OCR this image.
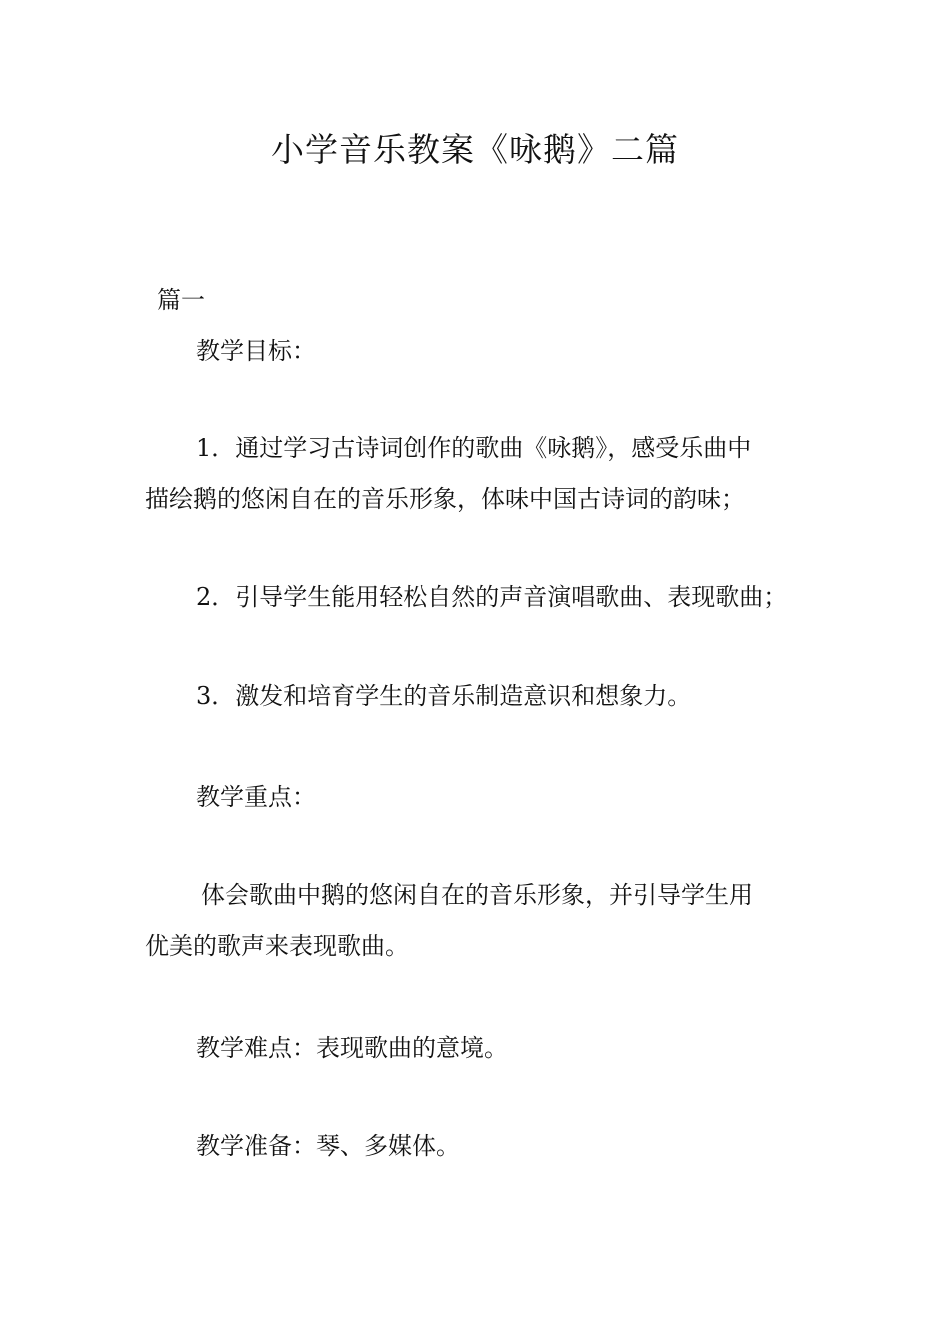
小学音乐教案《咏鹅》二篇
篇一
教学目标：
1．通过学习古诗词创作的歌曲《咏鹅》，感受乐曲中
描绘鹅的悠闲自在的音乐形象，体味中国古诗词的韵味；
2．引导学生能用轻松自然的声音演唱歌曲、表现歌曲；
3．激发和培育学生的音乐制造意识和想象力。
教学重点：
体会歌曲中鹅的悠闲自在的音乐形象，并引导学生用
优美的歌声来表现歌曲。
教学难点：表现歌曲的意境。
教学准备：琴、多媒体。
